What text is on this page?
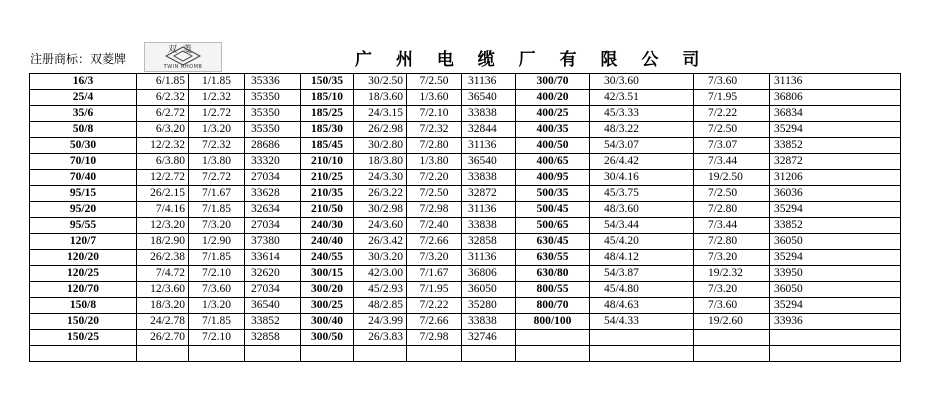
注册商标：双菱牌
双菱
TWIN RHOMB	广 州 电 缆 厂 有 限 公 司
16/3	6/1.85	1/1.85	35336	150/35	30/2.50	7/2.50	31136	300/70	30/3.60	7/3.60	31136
25/4	6/2.32	1/2.32	35350	185/10	18/3.60	1/3.60	36540	400/20	42/3.51	7/1.95	36806
35/6	6/2.72	1/2.72	35350	185/25	24/3.15	7/2.10	33838	400/25	45/3.33	7/2.22	36834
50/8	6/3.20	1/3.20	35350	185/30	26/2.98	7/2.32	32844	400/35	48/3.22	7/2.50	35294
50/30	12/2.32	7/2.32	28686	185/45	30/2.80	7/2.80	31136	400/50	54/3.07	7/3.07	33852
70/10	6/3.80	1/3.80	33320	210/10	18/3.80	1/3.80	36540	400/65	26/4.42	7/3.44	32872
70/40	12/2.72	7/2.72	27034	210/25	24/3.30	7/2.20	33838	400/95	30/4.16	19/2.50	31206
95/15	26/2.15	7/1.67	33628	210/35	26/3.22	7/2.50	32872	500/35	45/3.75	7/2.50	36036
95/20	7/4.16	7/1.85	32634	210/50	30/2.98	7/2.98	31136	500/45	48/3.60	7/2.80	35294
95/55	12/3.20	7/3.20	27034	240/30	24/3.60	7/2.40	33838	500/65	54/3.44	7/3.44	33852
120/7	18/2.90	1/2.90	37380	240/40	26/3.42	7/2.66	32858	630/45	45/4.20	7/2.80	36050
120/20	26/2.38	7/1.85	33614	240/55	30/3.20	7/3.20	31136	630/55	48/4.12	7/3.20	35294
120/25	7/4.72	7/2.10	32620	300/15	42/3.00	7/1.67	36806	630/80	54/3.87	19/2.32	33950
120/70	12/3.60	7/3.60	27034	300/20	45/2.93	7/1.95	36050	800/55	45/4.80	7/3.20	36050
150/8	18/3.20	1/3.20	36540	300/25	48/2.85	7/2.22	35280	800/70	48/4.63	7/3.60	35294
150/20	24/2.78	7/1.85	33852	300/40	24/3.99	7/2.66	33838	800/100	54/4.33	19/2.60	33936
150/25	26/2.70	7/2.10	32858	300/50	26/3.83	7/2.98	32746				
